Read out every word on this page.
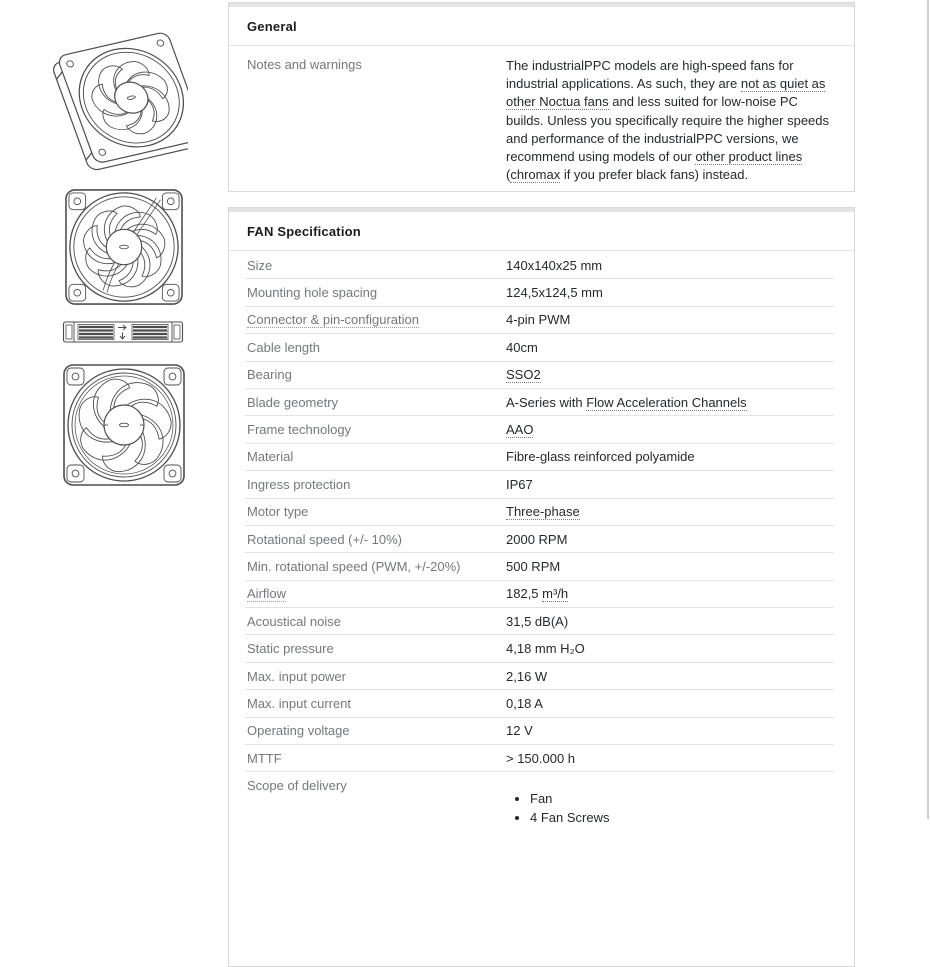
General
Notes and warnings	The industrialPPC models are high-speed fans for industrial applications. As such, they are not as quiet as other Noctua fans and less suited for low-noise PC builds. Unless you specifically require the higher speeds and performance of the industrialPPC versions, we recommend using models of our other product lines (chromax if you prefer black fans) instead.
FAN Specification
Size	140x140x25 mm
Mounting hole spacing	124,5x124,5 mm
Connector & pin-configuration	4-pin PWM
Cable length	40cm
Bearing	SSO2
Blade geometry	A-Series with Flow Acceleration Channels
Frame technology	AAO
Material	Fibre-glass reinforced polyamide
Ingress protection	IP67
Motor type	Three-phase
Rotational speed (+/- 10%)	2000 RPM
Min. rotational speed (PWM, +/-20%)	500 RPM
Airflow	182,5 m³/h
Acoustical noise	31,5 dB(A)
Static pressure	4,18 mm H₂O
Max. input power	2,16 W
Max. input current	0,18 A
Operating voltage	12 V
MTTF	> 150.000 h
Scope of delivery
• Fan
• 4 Fan Screws
